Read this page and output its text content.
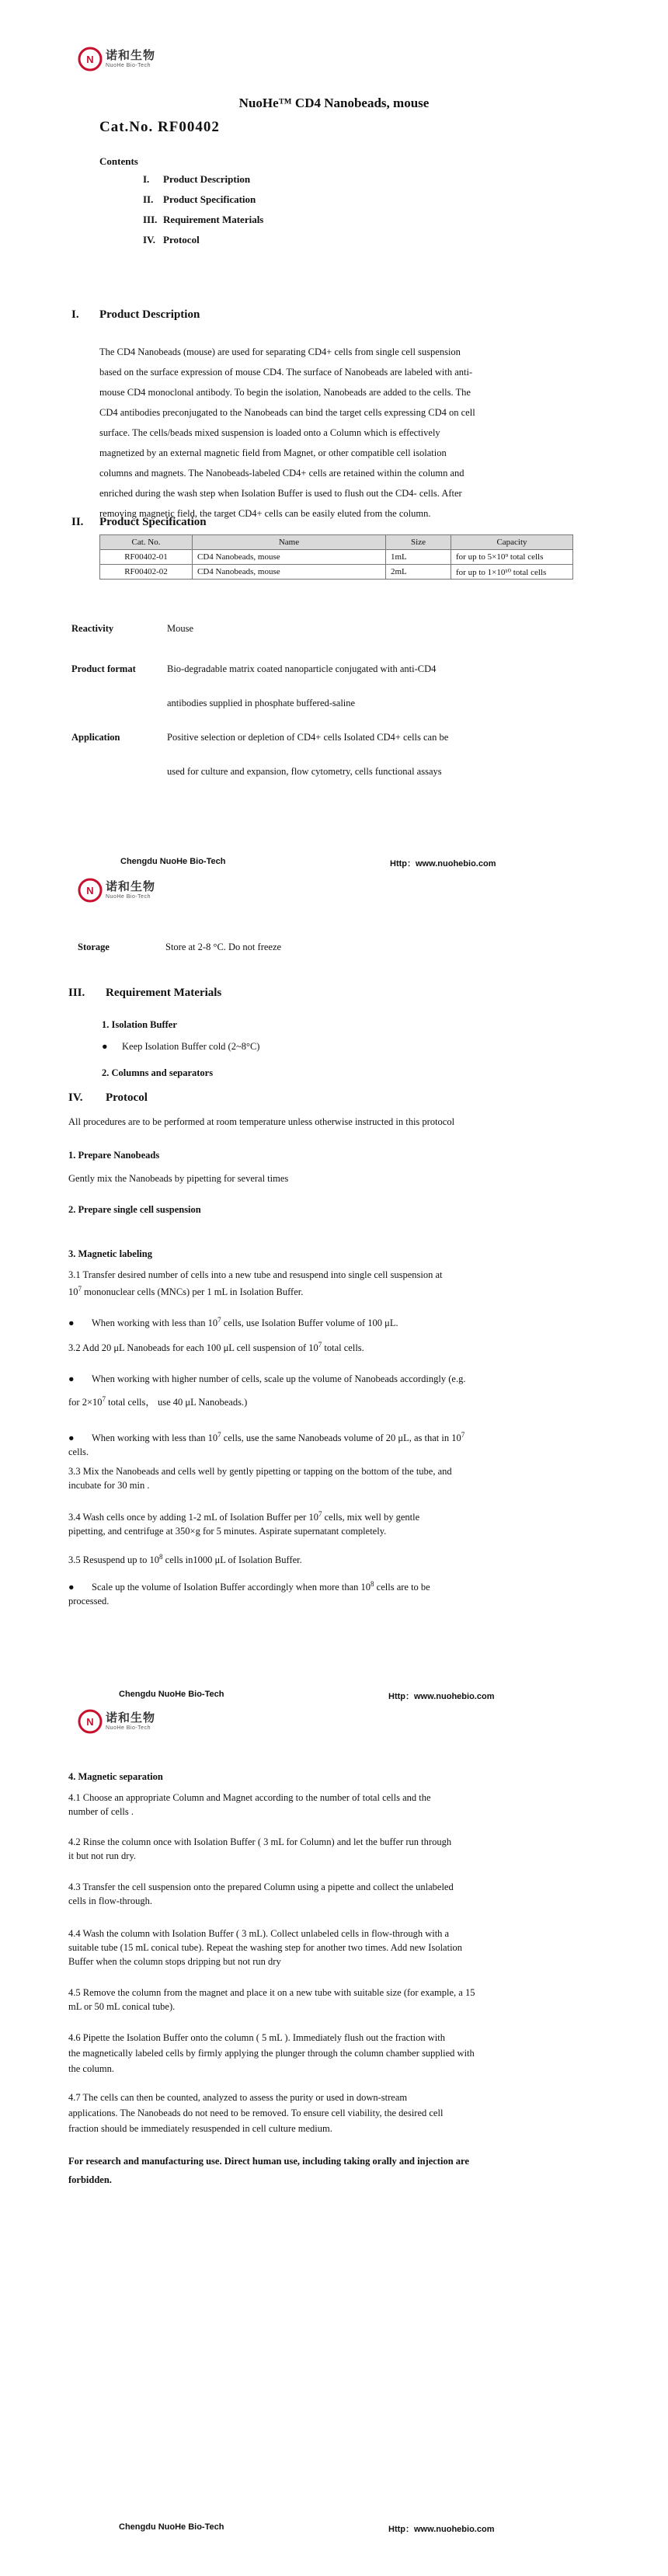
N 诺和生物
NuoHe Bio-Tech
NuoHe™ CD4 Nanobeads, mouse
Cat.No. RF00402
Contents
I. Product Description
II. Product Specification
III. Requirement Materials
IV. Protocol
I. Product Description
The CD4 Nanobeads (mouse) are used for separating CD4+ cells from single cell suspension
based on the surface expression of mouse CD4. The surface of Nanobeads are labeled with anti-
mouse CD4 monoclonal antibody. To begin the isolation, Nanobeads are added to the cells. The
CD4 antibodies preconjugated to the Nanobeads can bind the target cells expressing CD4 on cell
surface. The cells/beads mixed suspension is loaded onto a Column which is effectively
magnetized by an external magnetic field from Magnet, or other compatible cell isolation
columns and magnets. The Nanobeads-labeled CD4+ cells are retained within the column and
enriched during the wash step when Isolation Buffer is used to flush out the CD4- cells. After
removing magnetic field, the target CD4+ cells can be easily eluted from the column.
II. Product Specification
Cat. No.	Name	Size	Capacity
RF00402-01	CD4 Nanobeads, mouse	1mL	for up to 5×10⁹ total cells
RF00402-02	CD4 Nanobeads, mouse	2mL	for up to 1×10¹⁰ total cells
Reactivity	Mouse
Product format	Bio-degradable matrix coated nanoparticle conjugated with anti-CD4
antibodies supplied in phosphate buffered-saline
Application	Positive selection or depletion of CD4+ cells Isolated CD4+ cells can be
used for culture and expansion, flow cytometry, cells functional assays
Chengdu NuoHe Bio-Tech	Http：www.nuohebio.com
N 诺和生物
NuoHe Bio-Tech
Storage	Store at 2-8 °C. Do not freeze
III. Requirement Materials
1. Isolation Buffer
● Keep Isolation Buffer cold (2~8°C)
2. Columns and separators
IV. Protocol
All procedures are to be performed at room temperature unless otherwise instructed in this protocol
1. Prepare Nanobeads
Gently mix the Nanobeads by pipetting for several times
2. Prepare single cell suspension
3. Magnetic labeling
3.1 Transfer desired number of cells into a new tube and resuspend into single cell suspension at
$10^7$ mononuclear cells (MNCs) per 1 mL in Isolation Buffer.
● When working with less than $10^7$ cells, use Isolation Buffer volume of 100 μL.
3.2 Add 20 μL Nanobeads for each 100 μL cell suspension of $10^7$ total cells.
● When working with higher number of cells, scale up the volume of Nanobeads accordingly (e.g.
for $2\times 10^7$ total cells， use 40 μL Nanobeads.)
● When working with less than $10^7$ cells, use the same Nanobeads volume of 20 μL, as that in $10^7$
cells.
3.3 Mix the Nanobeads and cells well by gently pipetting or tapping on the bottom of the tube, and
incubate for 30 min .
3.4 Wash cells once by adding 1-2 mL of Isolation Buffer per $10^7$ cells, mix well by gentle
pipetting, and centrifuge at 350×g for 5 minutes. Aspirate supernatant completely.
3.5 Resuspend up to $10^8$ cells in1000 μL of Isolation Buffer.
● Scale up the volume of Isolation Buffer accordingly when more than $10^8$ cells are to be
processed.
Chengdu NuoHe Bio-Tech	Http：www.nuohebio.com
N 诺和生物
NuoHe Bio-Tech
4. Magnetic separation
4.1 Choose an appropriate Column and Magnet according to the number of total cells and the
number of cells .
4.2 Rinse the column once with Isolation Buffer ( 3 mL for Column) and let the buffer run through
it but not run dry.
4.3 Transfer the cell suspension onto the prepared Column using a pipette and collect the unlabeled
cells in flow-through.
4.4 Wash the column with Isolation Buffer ( 3 mL). Collect unlabeled cells in flow-through with a
suitable tube (15 mL conical tube). Repeat the washing step for another two times. Add new Isolation
Buffer when the column stops dripping but not run dry
4.5 Remove the column from the magnet and place it on a new tube with suitable size (for example, a 15
mL or 50 mL conical tube).
4.6 Pipette the Isolation Buffer onto the column ( 5 mL ). Immediately flush out the fraction with
the magnetically labeled cells by firmly applying the plunger through the column chamber supplied with
the column.
4.7 The cells can then be counted, analyzed to assess the purity or used in down-stream
applications. The Nanobeads do not need to be removed. To ensure cell viability, the desired cell
fraction should be immediately resuspended in cell culture medium.
For research and manufacturing use. Direct human use, including taking orally and injection are
forbidden.
Chengdu NuoHe Bio-Tech	Http：www.nuohebio.com
